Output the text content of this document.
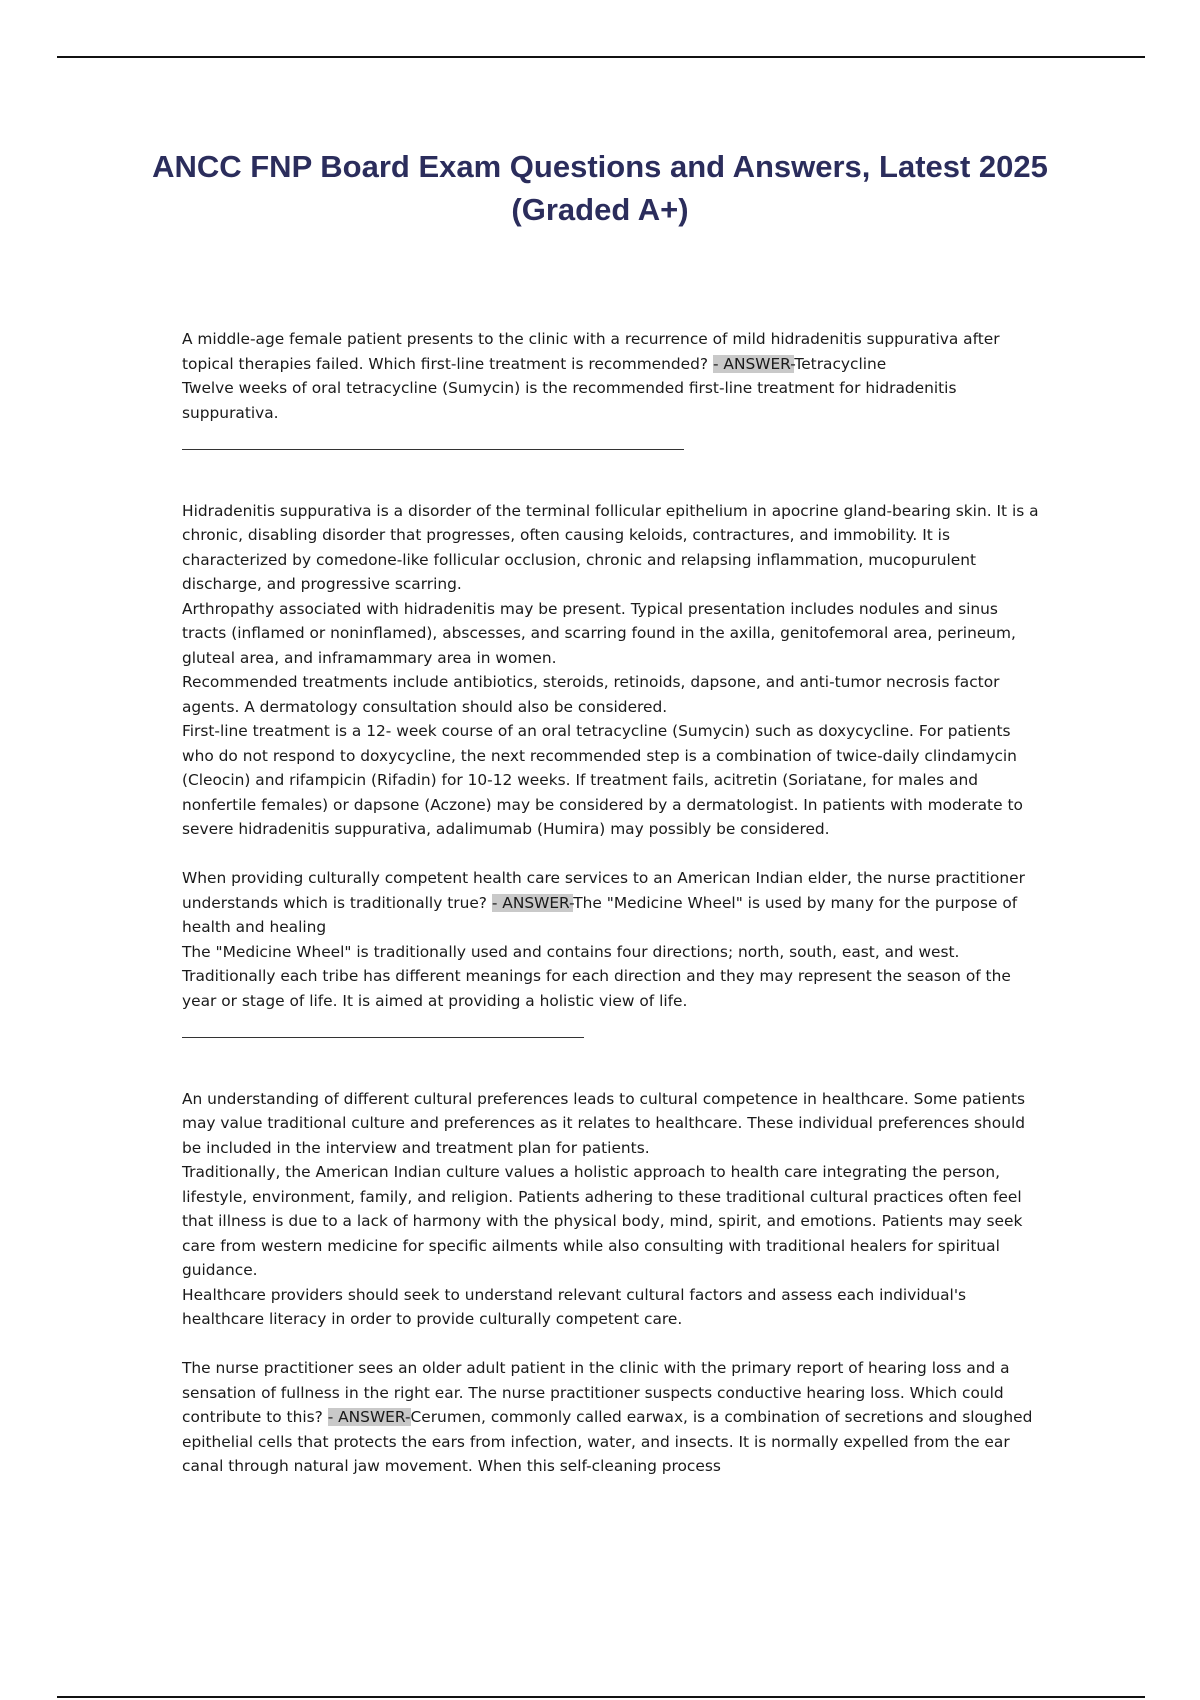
ANCC FNP Board Exam Questions and Answers, Latest 2025 (Graded A+)

A middle-age female patient presents to the clinic with a recurrence of mild hidradenitis suppurativa after topical therapies failed. Which first-line treatment is recommended? - ANSWER-Tetracycline

Twelve weeks of oral tetracycline (Sumycin) is the recommended first-line treatment for hidradenitis suppurativa.

Hidradenitis suppurativa is a disorder of the terminal follicular epithelium in apocrine gland-bearing skin. It is a chronic, disabling disorder that progresses, often causing keloids, contractures, and immobility. It is characterized by comedone-like follicular occlusion, chronic and relapsing inflammation, mucopurulent discharge, and progressive scarring.

Arthropathy associated with hidradenitis may be present. Typical presentation includes nodules and sinus tracts (inflamed or noninflamed), abscesses, and scarring found in the axilla, genitofemoral area, perineum, gluteal area, and inframammary area in women.

Recommended treatments include antibiotics, steroids, retinoids, dapsone, and anti-tumor necrosis factor agents. A dermatology consultation should also be considered.

First-line treatment is a 12- week course of an oral tetracycline (Sumycin) such as doxycycline. For patients who do not respond to doxycycline, the next recommended step is a combination of twice-daily clindamycin (Cleocin) and rifampicin (Rifadin) for 10-12 weeks. If treatment fails, acitretin (Soriatane, for males and nonfertile females) or dapsone (Aczone) may be considered by a dermatologist. In patients with moderate to severe hidradenitis suppurativa, adalimumab (Humira) may possibly be considered.

When providing culturally competent health care services to an American Indian elder, the nurse practitioner understands which is traditionally true? - ANSWER-The "Medicine Wheel" is used by many for the purpose of health and healing

The "Medicine Wheel" is traditionally used and contains four directions; north, south, east, and west. Traditionally each tribe has different meanings for each direction and they may represent the season of the year or stage of life. It is aimed at providing a holistic view of life.

An understanding of different cultural preferences leads to cultural competence in healthcare. Some patients may value traditional culture and preferences as it relates to healthcare. These individual preferences should be included in the interview and treatment plan for patients.

Traditionally, the American Indian culture values a holistic approach to health care integrating the person, lifestyle, environment, family, and religion. Patients adhering to these traditional cultural practices often feel that illness is due to a lack of harmony with the physical body, mind, spirit, and emotions. Patients may seek care from western medicine for specific ailments while also consulting with traditional healers for spiritual guidance.

Healthcare providers should seek to understand relevant cultural factors and assess each individual's healthcare literacy in order to provide culturally competent care.

The nurse practitioner sees an older adult patient in the clinic with the primary report of hearing loss and a sensation of fullness in the right ear. The nurse practitioner suspects conductive hearing loss. Which could contribute to this? - ANSWER-Cerumen, commonly called earwax, is a combination of secretions and sloughed epithelial cells that protects the ears from infection, water, and insects. It is normally expelled from the ear canal through natural jaw movement. When this self-cleaning process
